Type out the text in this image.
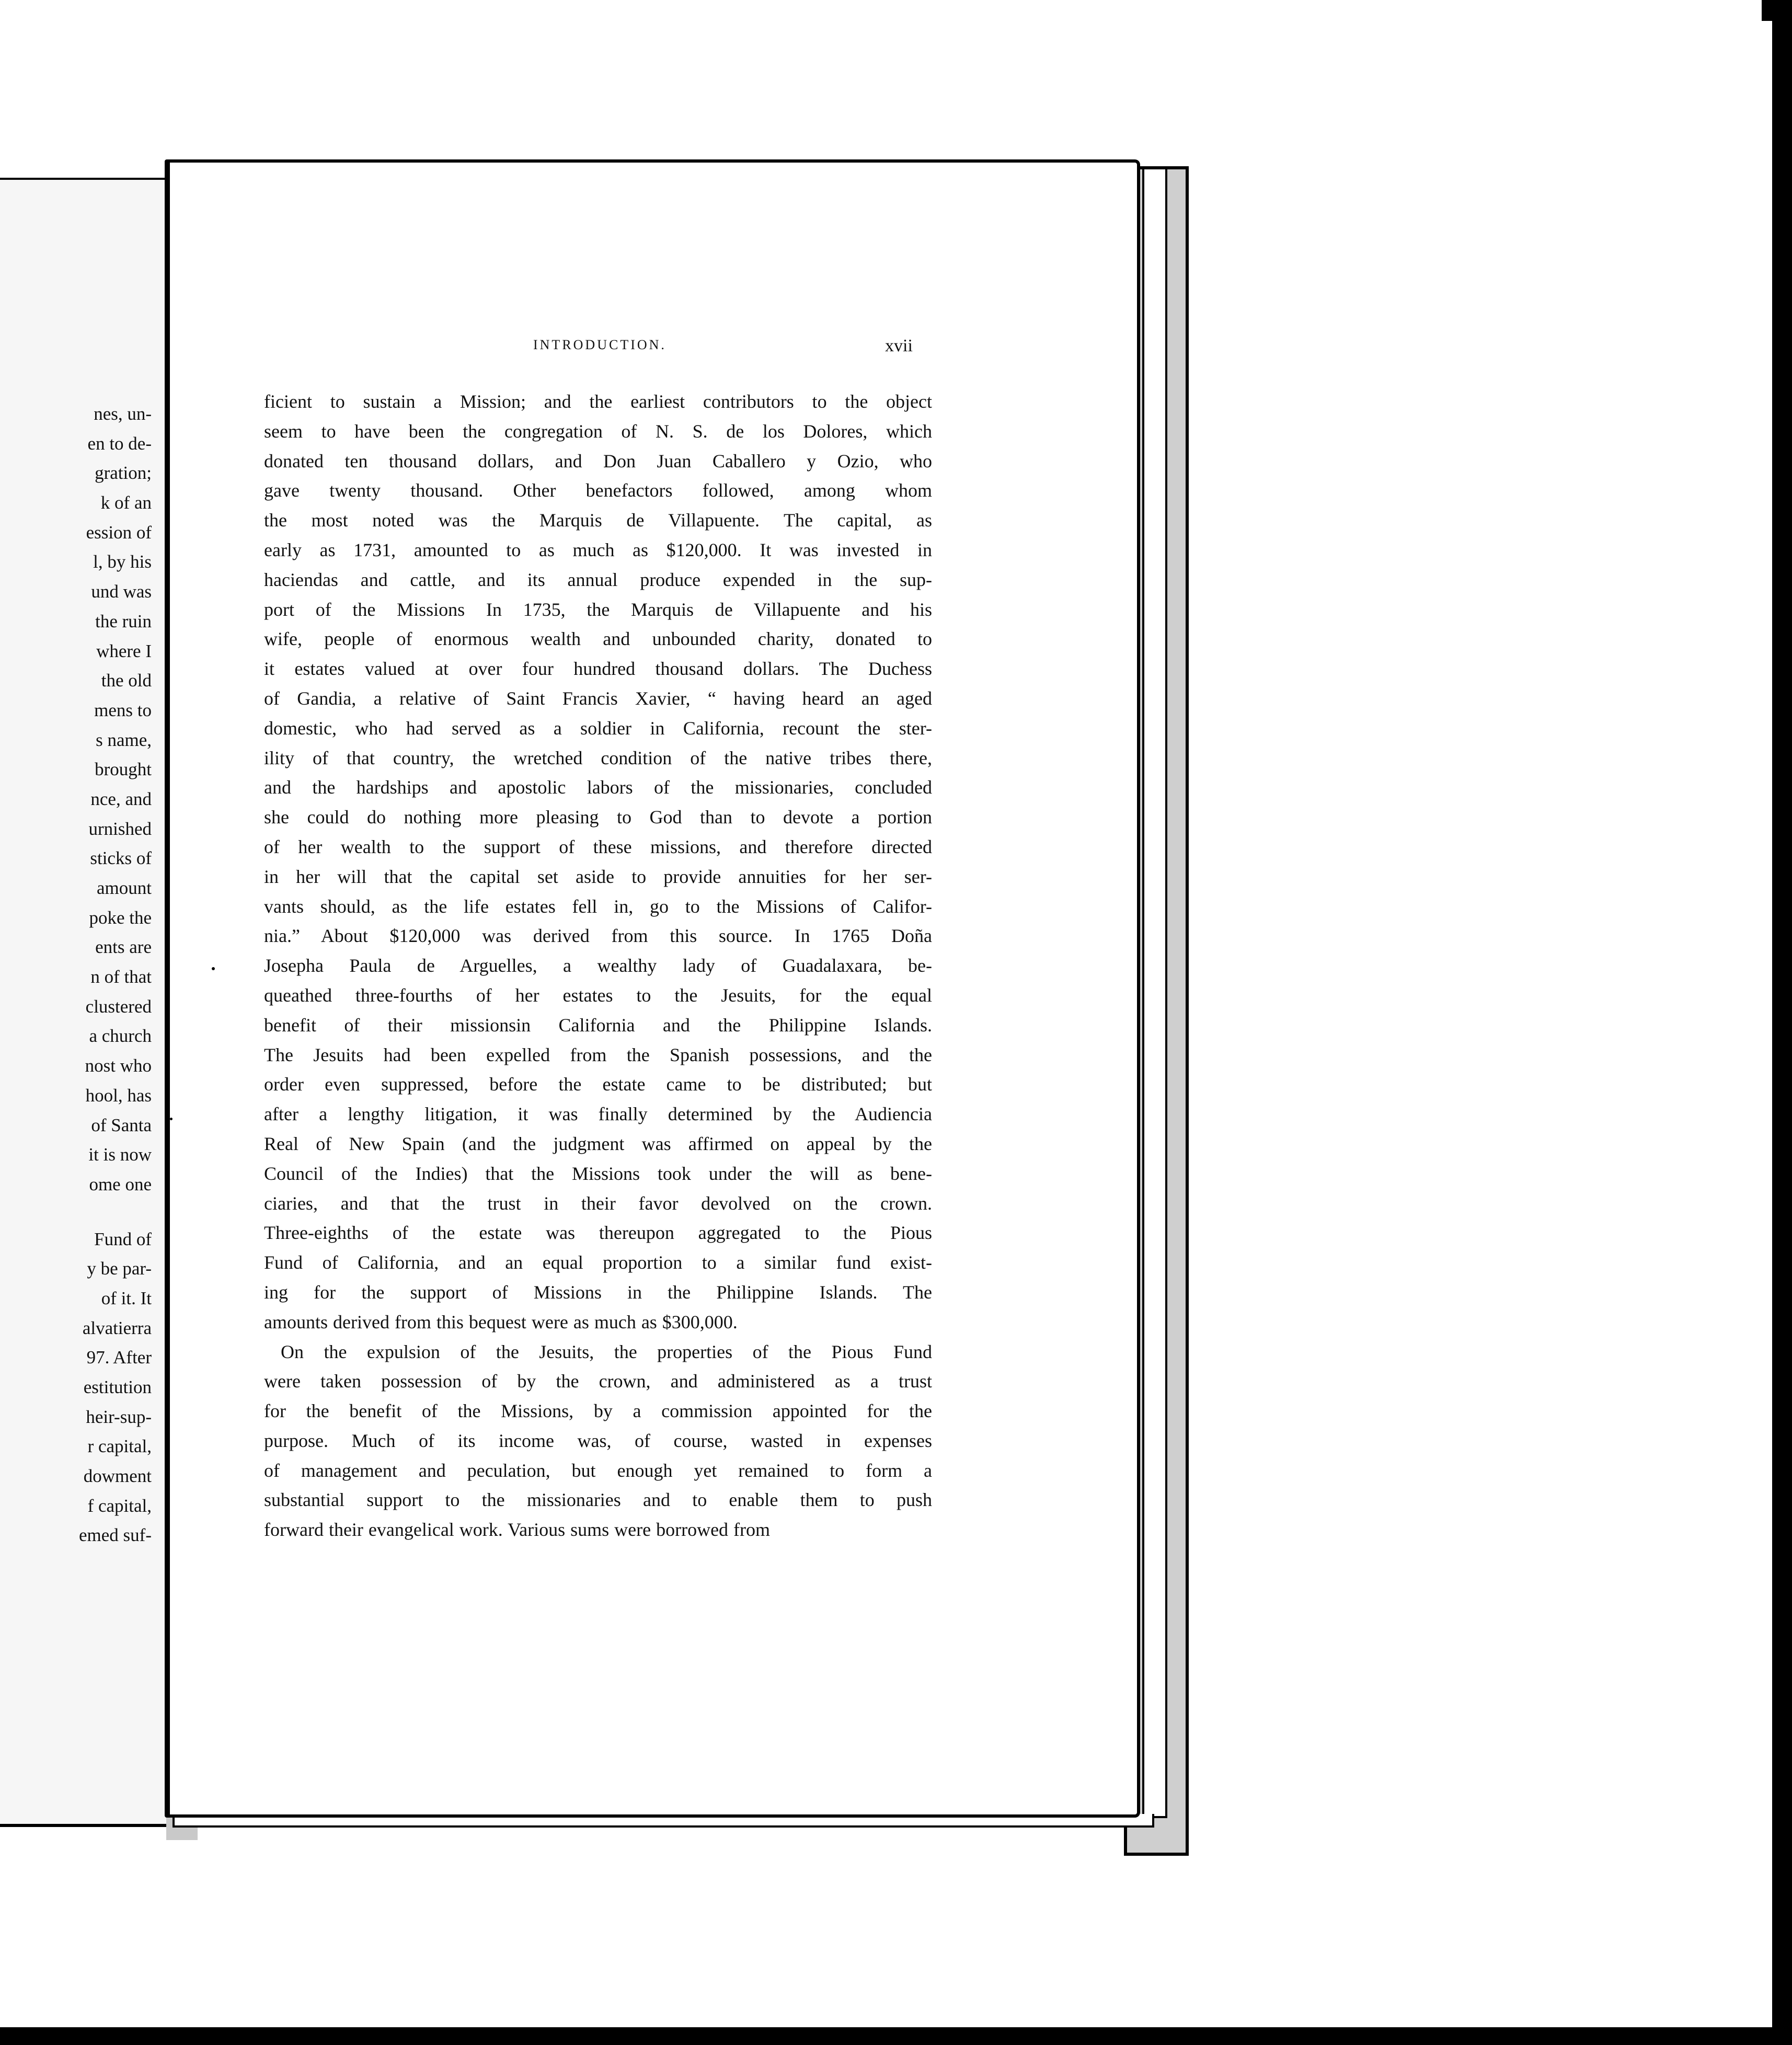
nes, un-
en to de-
gration;
k of an
ession of
l, by his
und was
the ruin
where I
the old
mens to
s name,
brought
nce, and
urnished
sticks of
amount
poke the
ents are
n of that
clustered
a church
nost who
hool, has
of Santa
it is now
ome one
Fund of
y be par-
of it. It
alvatierra
97. After
estitution
heir-sup-
r capital,
dowment
f capital,
emed suf-
INTRODUCTION.	xvii
ficient to sustain a Mission; and the earliest contributors to the object
seem to have been the congregation of N. S. de los Dolores, which
donated ten thousand dollars, and Don Juan Caballero y Ozio, who
gave twenty thousand. Other benefactors followed, among whom
the most noted was the Marquis de Villapuente. The capital, as
early as 1731, amounted to as much as $120,000. It was invested in
haciendas and cattle, and its annual produce expended in the sup-
port of the Missions In 1735, the Marquis de Villapuente and his
wife, people of enormous wealth and unbounded charity, donated to
it estates valued at over four hundred thousand dollars. The Duchess
of Gandia, a relative of Saint Francis Xavier, “ having heard an aged
domestic, who had served as a soldier in California, recount the ster-
ility of that country, the wretched condition of the native tribes there,
and the hardships and apostolic labors of the missionaries, concluded
she could do nothing more pleasing to God than to devote a portion
of her wealth to the support of these missions, and therefore directed
in her will that the capital set aside to provide annuities for her ser-
vants should, as the life estates fell in, go to the Missions of Califor-
nia.” About $120,000 was derived from this source. In 1765 Doña
Josepha Paula de Arguelles, a wealthy lady of Guadalaxara, be-
queathed three-fourths of her estates to the Jesuits, for the equal
benefit of their missionsin California and the Philippine Islands.
The Jesuits had been expelled from the Spanish possessions, and the
order even suppressed, before the estate came to be distributed; but
after a lengthy litigation, it was finally determined by the Audiencia
Real of New Spain (and the judgment was affirmed on appeal by the
Council of the Indies) that the Missions took under the will as bene-
ciaries, and that the trust in their favor devolved on the crown.
Three-eighths of the estate was thereupon aggregated to the Pious
Fund of California, and an equal proportion to a similar fund exist-
ing for the support of Missions in the Philippine Islands. The
amounts derived from this bequest were as much as $300,000.
On the expulsion of the Jesuits, the properties of the Pious Fund
were taken possession of by the crown, and administered as a trust
for the benefit of the Missions, by a commission appointed for the
purpose. Much of its income was, of course, wasted in expenses
of management and peculation, but enough yet remained to form a
substantial support to the missionaries and to enable them to push
forward their evangelical work. Various sums were borrowed from
